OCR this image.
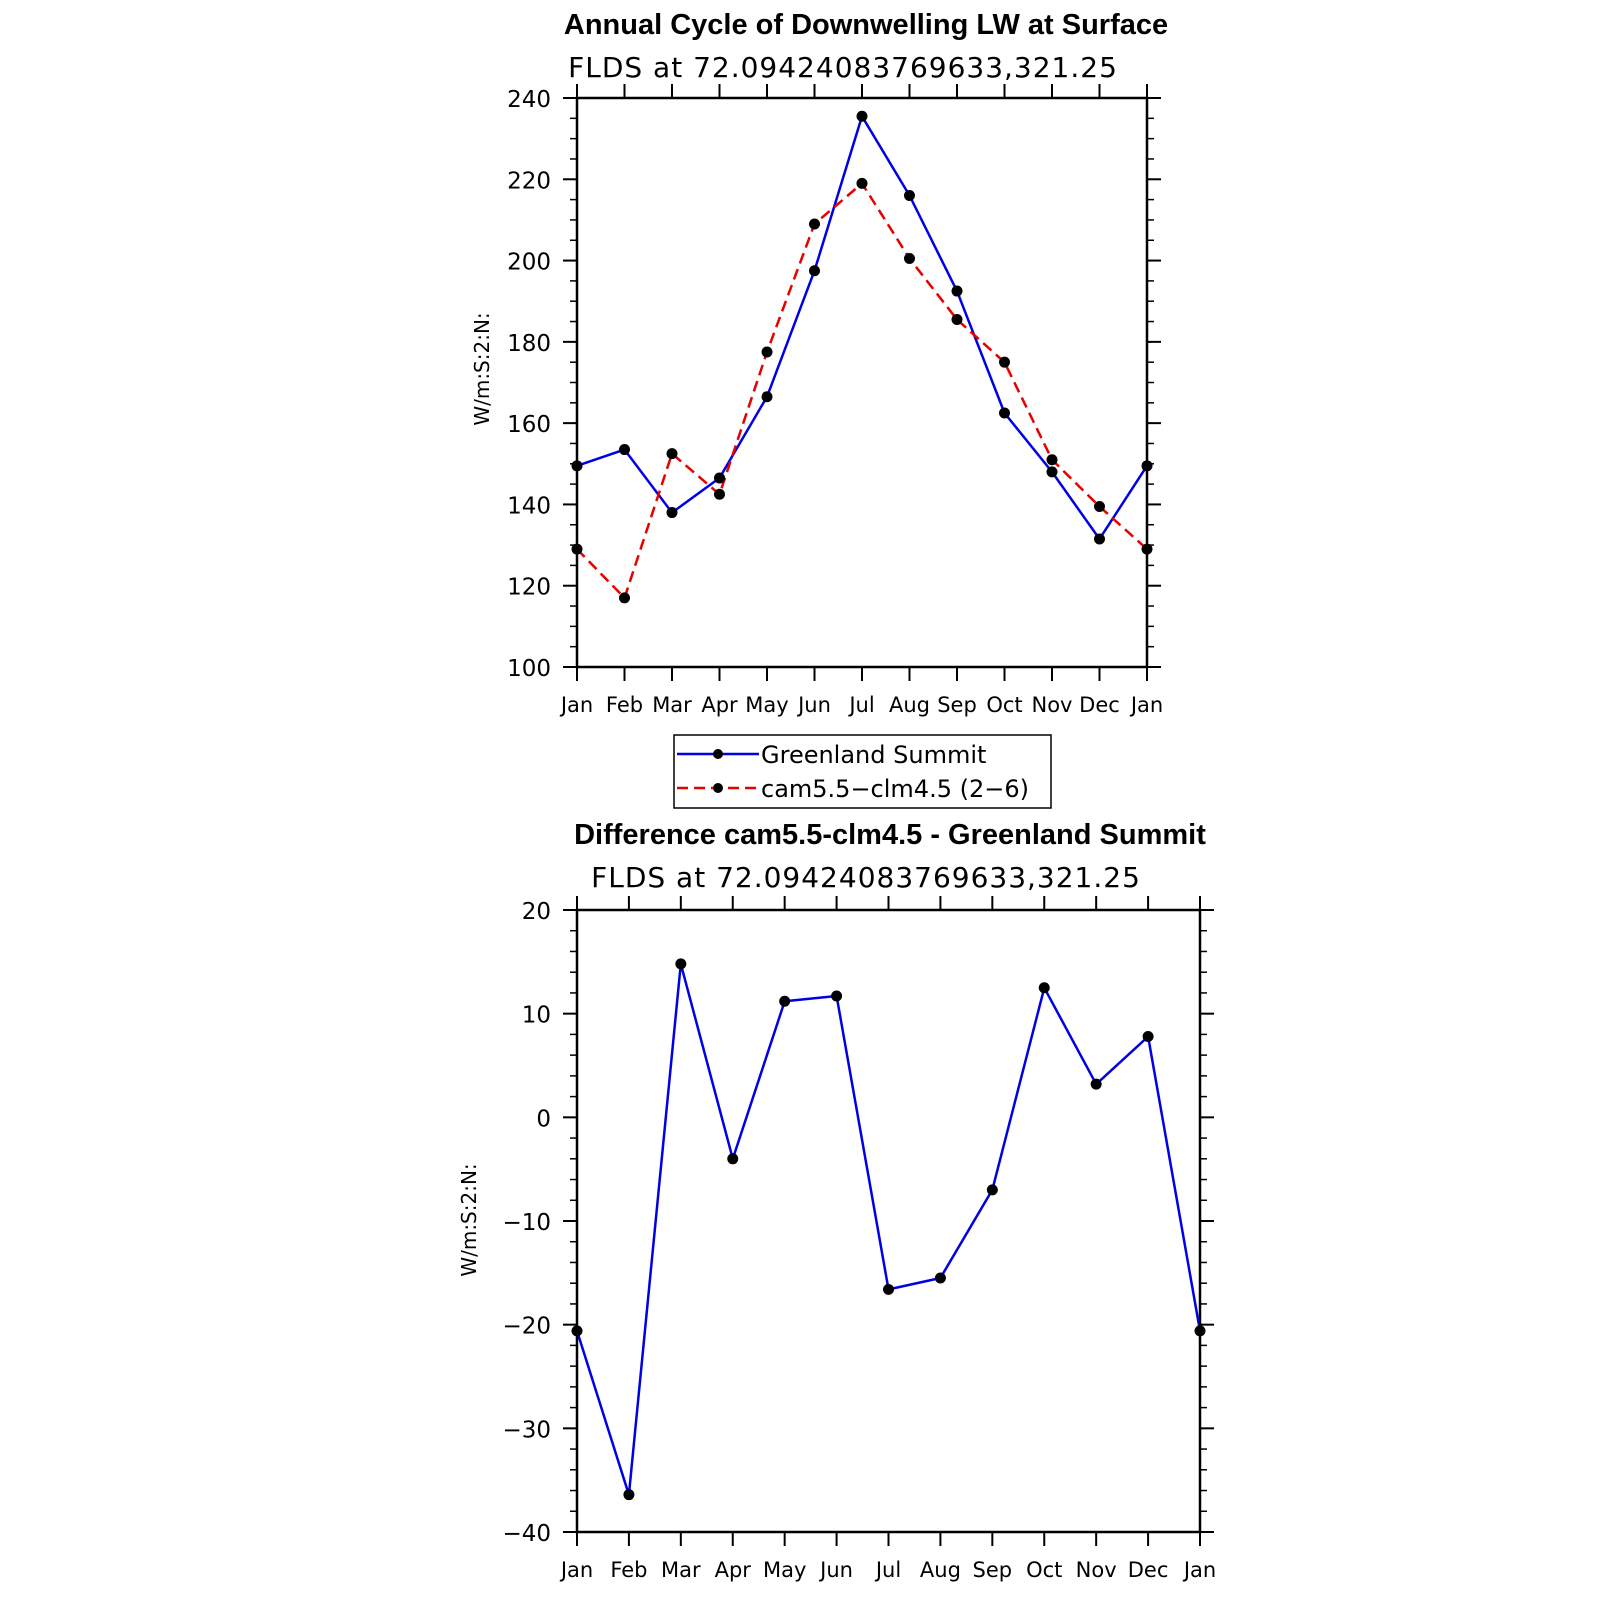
Annual Cycle of Downwelling LW at Surface
FLDS at 72.09424083769633,321.25
W/m:S:2:N:
100
120
140
160
180
200
220
240
Jan Feb Mar Apr May Jun Jul Aug Sep Oct Nov Dec Jan
Greenland Summit
cam5.5−clm4.5 (2−6)
Difference cam5.5-clm4.5 - Greenland Summit
FLDS at 72.09424083769633,321.25
W/m:S:2:N:
−40
−30
−20
−10
0
10
20
Jan Feb Mar Apr May Jun Jul Aug Sep Oct Nov Dec Jan
